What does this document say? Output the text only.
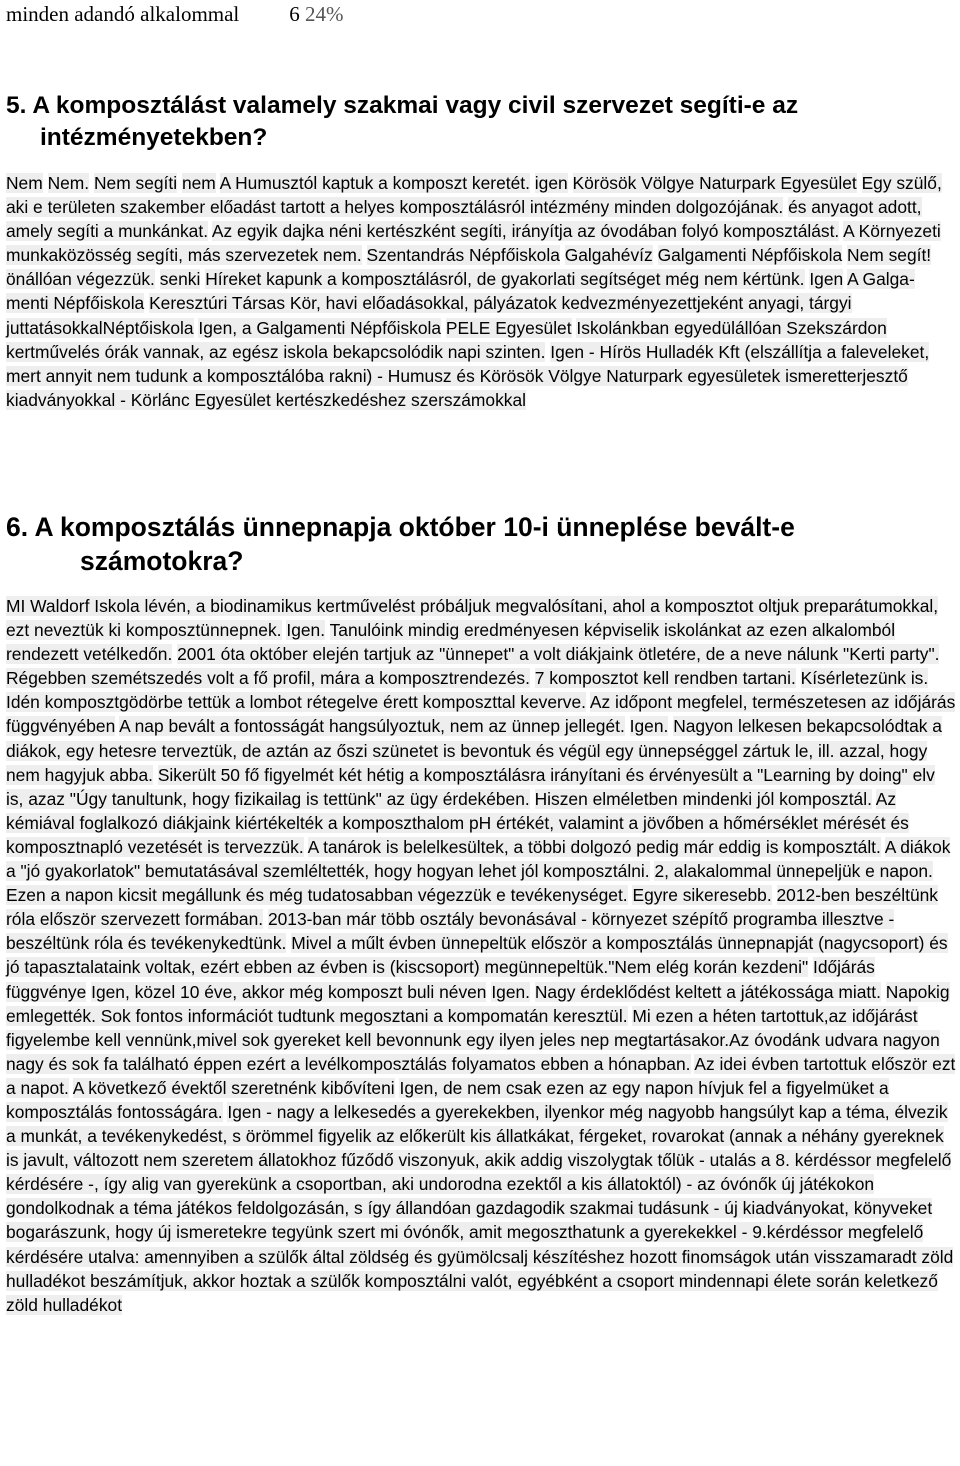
minden adandó alkalommal 6 24%
5. A komposztálást valamely szakmai vagy civil szervezet segíti-e az intézményetekben?
Nem Nem. Nem segíti nem A Humusztól kaptuk a komposzt keretét. igen Körösök Völgye Naturpark Egyesület Egy szülő, aki e területen szakember előadást tartott a helyes komposztálásról intézmény minden dolgozójának. és anyagot adott, amely segíti a munkánkat. Az egyik dajka néni kertészként segíti, irányítja az óvodában folyó komposztálást. A Környezeti munkaközösség segíti, más szervezetek nem. Szentandrás Népfőiskola Galgahévíz Galgamenti Népfőiskola Nem segít! önállóan végezzük. senki Híreket kapunk a komposztálásról, de gyakorlati segítséget még nem kértünk. Igen A Galga-menti Népfőiskola Keresztúri Társas Kör, havi előadásokkal, pályázatok kedvezményezettjeként anyagi, tárgyi juttatásokkalNéptőiskola Igen, a Galgamenti Népfőiskola PELE Egyesület Iskolánkban egyedülállóan Szekszárdon kertművelés órák vannak, az egész iskola bekapcsolódik napi szinten. Igen - Hírös Hulladék Kft (elszállítja a faleveleket, mert annyit nem tudunk a komposztálóba rakni) - Humusz és Körösök Völgye Naturpark egyesületek ismeretterjesztő kiadványokkal - Körlánc Egyesület kertészkedéshez szerszámokkal
6. A komposztálás ünnepnapja október 10-i ünneplése bevált-e számotokra?
MI Waldorf Iskola lévén, a biodinamikus kertművelést próbáljuk megvalósítani, ahol a komposztot oltjuk preparátumokkal, ezt neveztük ki komposztünnepnek. Igen. Tanulóink mindig eredményesen képviselik iskolánkat az ezen alkalomból rendezett vetélkedőn. 2001 óta október elején tartjuk az "ünnepet" a volt diákjaink ötletére, de a neve nálunk "Kerti party". Régebben szemétszedés volt a fő profil, mára a komposztrendezés. 7 komposztot kell rendben tartani. Kísérletezünk is. Idén komposztgödörbe tettük a lombot rétegelve érett komposzttal keverve. Az időpont megfelel, természetesen az időjárás függvényében A nap bevált a fontosságát hangsúlyoztuk, nem az ünnep jellegét. Igen. Nagyon lelkesen bekapcsolódtak a diákok, egy hetesre terveztük, de aztán az őszi szünetet is bevontuk és végül egy ünnepséggel zártuk le, ill. azzal, hogy nem hagyjuk abba. Sikerült 50 fő figyelmét két hétig a komposztálásra irányítani és érvényesült a "Learning by doing" elv is, azaz "Úgy tanultunk, hogy fizikailag is tettünk" az ügy érdekében. Hiszen elméletben mindenki jól komposztál. Az kémiával foglalkozó diákjaink kiértékelték a komposzthalom pH értékét, valamint a jövőben a hőmérséklet mérését és komposztnapló vezetését is tervezzük. A tanárok is belelkesültek, a többi dolgozó pedig már eddig is komposztált. A diákok a "jó gyakorlatok" bemutatásával szemléltették, hogy hogyan lehet jól komposztálni. 2, alakalommal ünnepeljük e napon. Ezen a napon kicsit megállunk és még tudatosabban végezzük e tevékenységet. Egyre sikeresebb. 2012-ben beszéltünk róla először szervezett formában. 2013-ban már több osztály bevonásával - környezet szépítő programba illesztve - beszéltünk róla és tevékenykedtünk. Mivel a műlt évben ünnepeltük először a komposztálás ünnepnapját (nagycsoport) és jó tapasztalataink voltak, ezért ebben az évben is (kiscsoport) megünnepeltük."Nem elég korán kezdeni" Időjárás függvénye Igen, közel 10 éve, akkor még komposzt buli néven Igen. Nagy érdeklődést keltett a játékossága miatt. Napokig emlegették. Sok fontos információt tudtunk megosztani a kompomatán keresztül. Mi ezen a héten tartottuk,az időjárást figyelembe kell vennünk,mivel sok gyereket kell bevonnunk egy ilyen jeles nep megtartásakor.Az óvodánk udvara nagyon nagy és sok fa található éppen ezért a levélkomposztálás folyamatos ebben a hónapban. Az idei évben tartottuk először ezt a napot. A következő évektől szeretnénk kibővíteni Igen, de nem csak ezen az egy napon hívjuk fel a figyelmüket a komposztálás fontosságára. Igen - nagy a lelkesedés a gyerekekben, ilyenkor még nagyobb hangsúlyt kap a téma, élvezik a munkát, a tevékenykedést, s örömmel figyelik az előkerült kis állatkákat, férgeket, rovarokat (annak a néhány gyereknek is javult, változott nem szeretem állatokhoz fűződő viszonyuk, akik addig viszolygtak tőlük - utalás a 8. kérdéssor megfelelő kérdésére -, így alig van gyerekünk a csoportban, aki undorodna ezektől a kis állatoktól) - az óvónők új játékokon gondolkodnak a téma játékos feldolgozásán, s így állandóan gazdagodik szakmai tudásunk - új kiadványokat, könyveket bogarászunk, hogy új ismeretekre tegyünk szert mi óvónők, amit megoszthatunk a gyerekekkel - 9.kérdéssor megfelelő kérdésére utalva: amennyiben a szülők által zöldség és gyümölcsalj készítéshez hozott finomságok után visszamaradt zöld hulladékot beszámítjuk, akkor hoztak a szülők komposztálni valót, egyébként a csoport mindennapi élete során keletkező zöld hulladékot
